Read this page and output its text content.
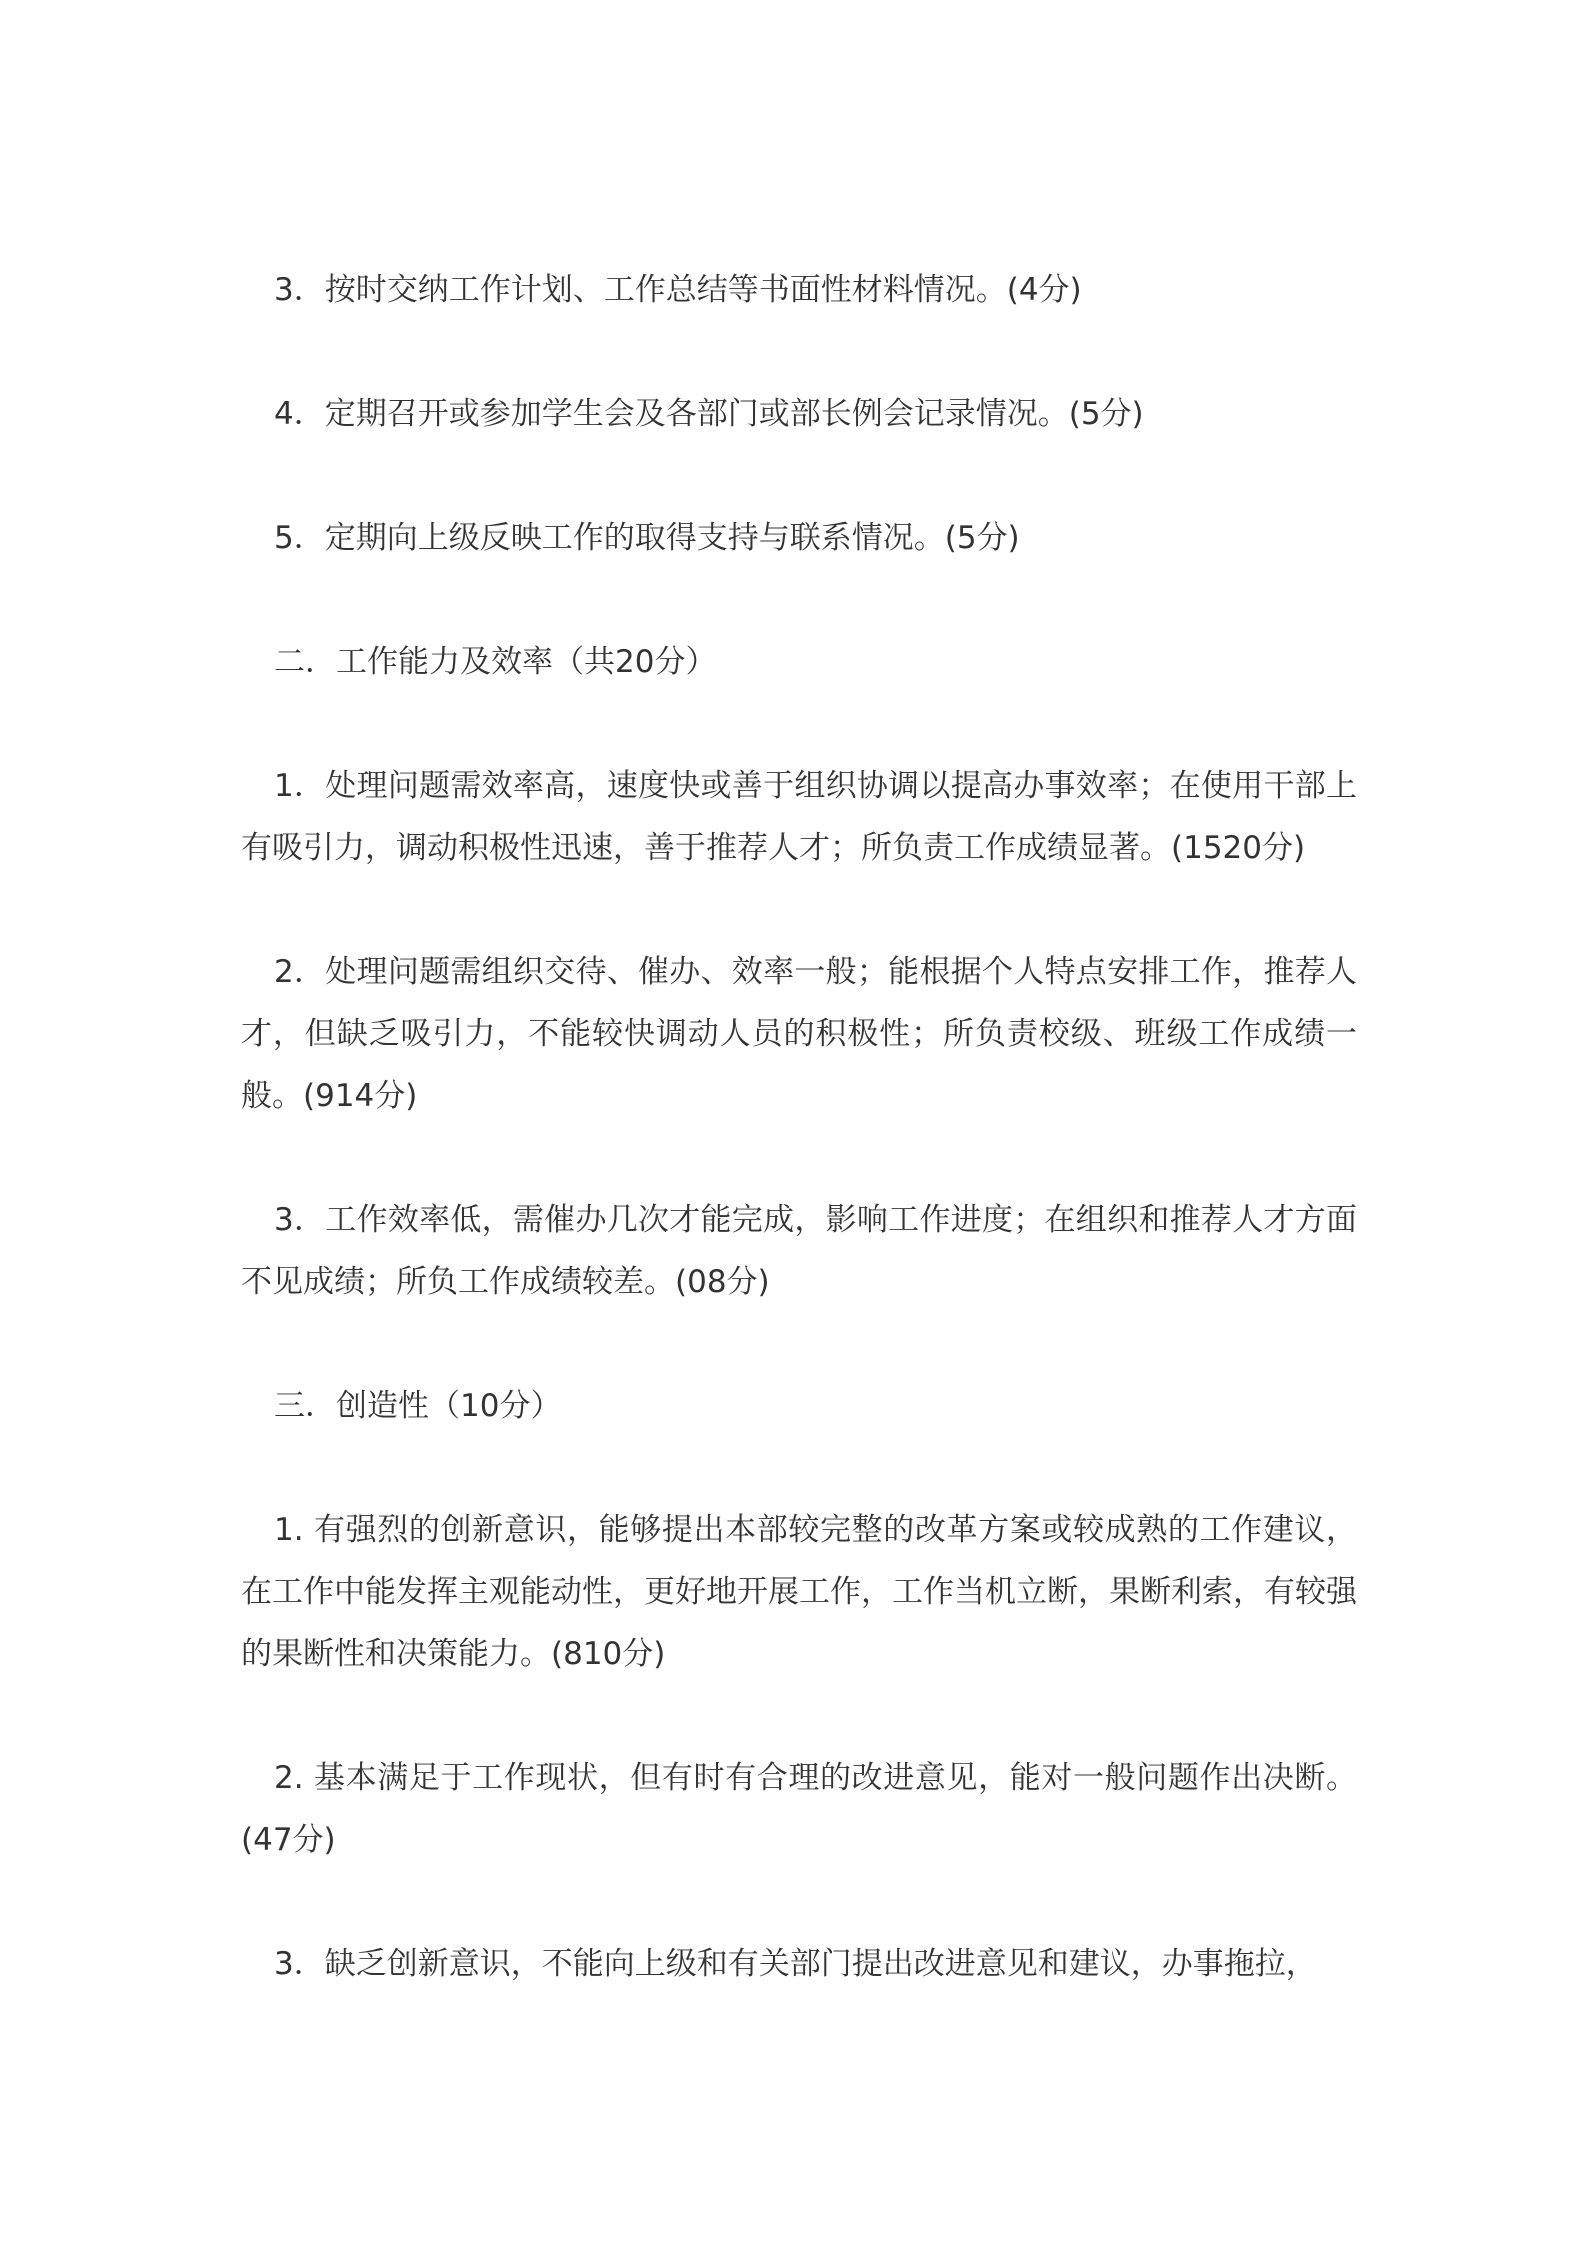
3．按时交纳工作计划、工作总结等书面性材料情况。(4分)

4．定期召开或参加学生会及各部门或部长例会记录情况。(5分)

5．定期向上级反映工作的取得支持与联系情况。(5分)

二．工作能力及效率（共20分）

1．处理问题需效率高，速度快或善于组织协调以提高办事效率；在使用干部上有吸引力，调动积极性迅速，善于推荐人才；所负责工作成绩显著。(1520分)

2．处理问题需组织交待、催办、效率一般；能根据个人特点安排工作，推荐人才，但缺乏吸引力，不能较快调动人员的积极性；所负责校级、班级工作成绩一般。(914分)

3．工作效率低，需催办几次才能完成，影响工作进度；在组织和推荐人才方面不见成绩；所负工作成绩较差。(08分)

三．创造性（10分）

1. 有强烈的创新意识，能够提出本部较完整的改革方案或较成熟的工作建议，在工作中能发挥主观能动性，更好地开展工作，工作当机立断，果断利索，有较强的果断性和决策能力。(810分)

2. 基本满足于工作现状，但有时有合理的改进意见，能对一般问题作出决断。(47分)

3．缺乏创新意识，不能向上级和有关部门提出改进意见和建议，办事拖拉，
